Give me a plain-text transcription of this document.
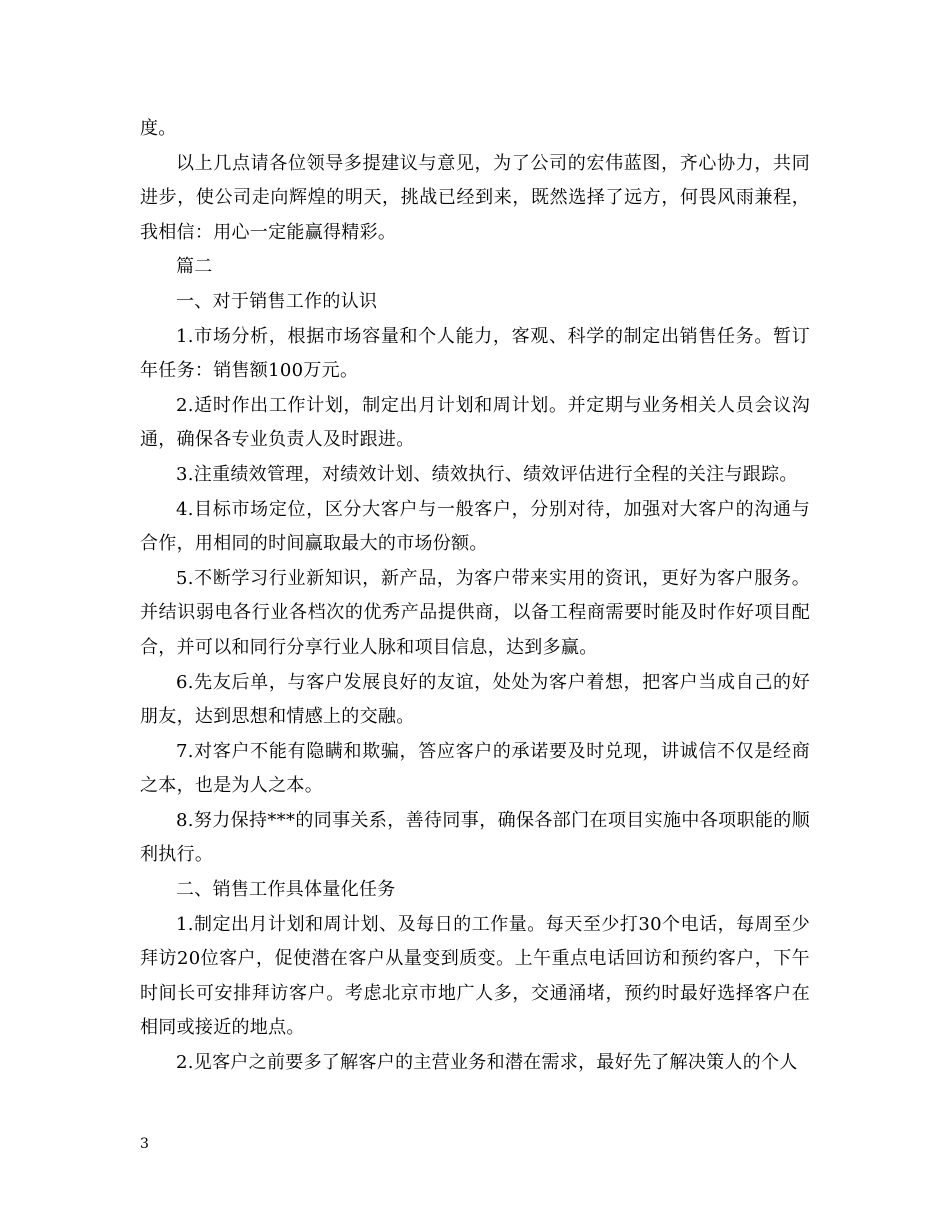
度。

以上几点请各位领导多提建议与意见，为了公司的宏伟蓝图，齐心协力，共同进步，使公司走向辉煌的明天，挑战已经到来，既然选择了远方，何畏风雨兼程，我相信：用心一定能赢得精彩。

篇二

一、对于销售工作的认识

1.市场分析，根据市场容量和个人能力，客观、科学的制定出销售任务。暂订年任务：销售额100万元。

2.适时作出工作计划，制定出月计划和周计划。并定期与业务相关人员会议沟通，确保各专业负责人及时跟进。

3.注重绩效管理，对绩效计划、绩效执行、绩效评估进行全程的关注与跟踪。

4.目标市场定位，区分大客户与一般客户，分别对待，加强对大客户的沟通与合作，用相同的时间赢取最大的市场份额。

5.不断学习行业新知识，新产品，为客户带来实用的资讯，更好为客户服务。并结识弱电各行业各档次的优秀产品提供商，以备工程商需要时能及时作好项目配合，并可以和同行分享行业人脉和项目信息，达到多赢。

6.先友后单，与客户发展良好的友谊，处处为客户着想，把客户当成自己的好朋友，达到思想和情感上的交融。

7.对客户不能有隐瞒和欺骗，答应客户的承诺要及时兑现，讲诚信不仅是经商之本，也是为人之本。

8.努力保持***的同事关系，善待同事，确保各部门在项目实施中各项职能的顺利执行。

二、销售工作具体量化任务

1.制定出月计划和周计划、及每日的工作量。每天至少打30个电话，每周至少拜访20位客户，促使潜在客户从量变到质变。上午重点电话回访和预约客户，下午时间长可安排拜访客户。考虑北京市地广人多，交通涌堵，预约时最好选择客户在相同或接近的地点。

2.见客户之前要多了解客户的主营业务和潜在需求，最好先了解决策人的个人

3
